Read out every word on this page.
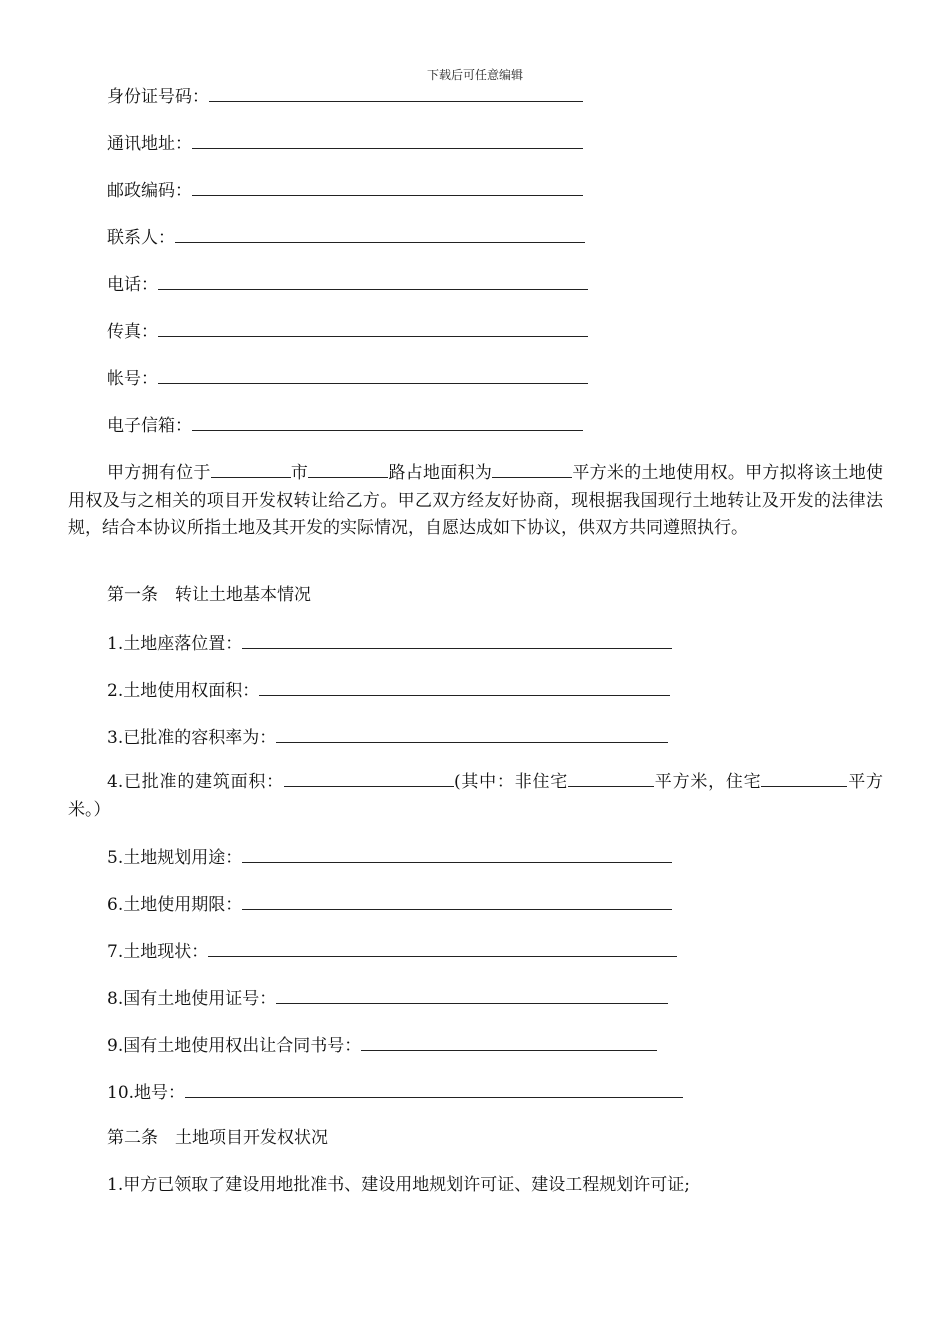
下载后可任意编辑
身份证号码：
通讯地址：
邮政编码：
联系人：
电话：
传真：
帐号：
电子信箱：
甲方拥有位于	市	路占地面积为	平方米的土地使用权。甲方拟将该土地使用权及与之相关的项目开发权转让给乙方。甲乙双方经友好协商，现根据我国现行土地转让及开发的法律法规，结合本协议所指土地及其开发的实际情况，自愿达成如下协议，供双方共同遵照执行。
第一条　转让土地基本情况
1.土地座落位置：
2.土地使用权面积：
3.已批准的容积率为：
4.已批准的建筑面积：	(其中：非住宅	平方米，住宅	平方米。）
5.土地规划用途：
6.土地使用期限：
7.土地现状：
8.国有土地使用证号：
9.国有土地使用权出让合同书号：
10.地号：
第二条　土地项目开发权状况
1.甲方已领取了建设用地批准书、建设用地规划许可证、建设工程规划许可证;
